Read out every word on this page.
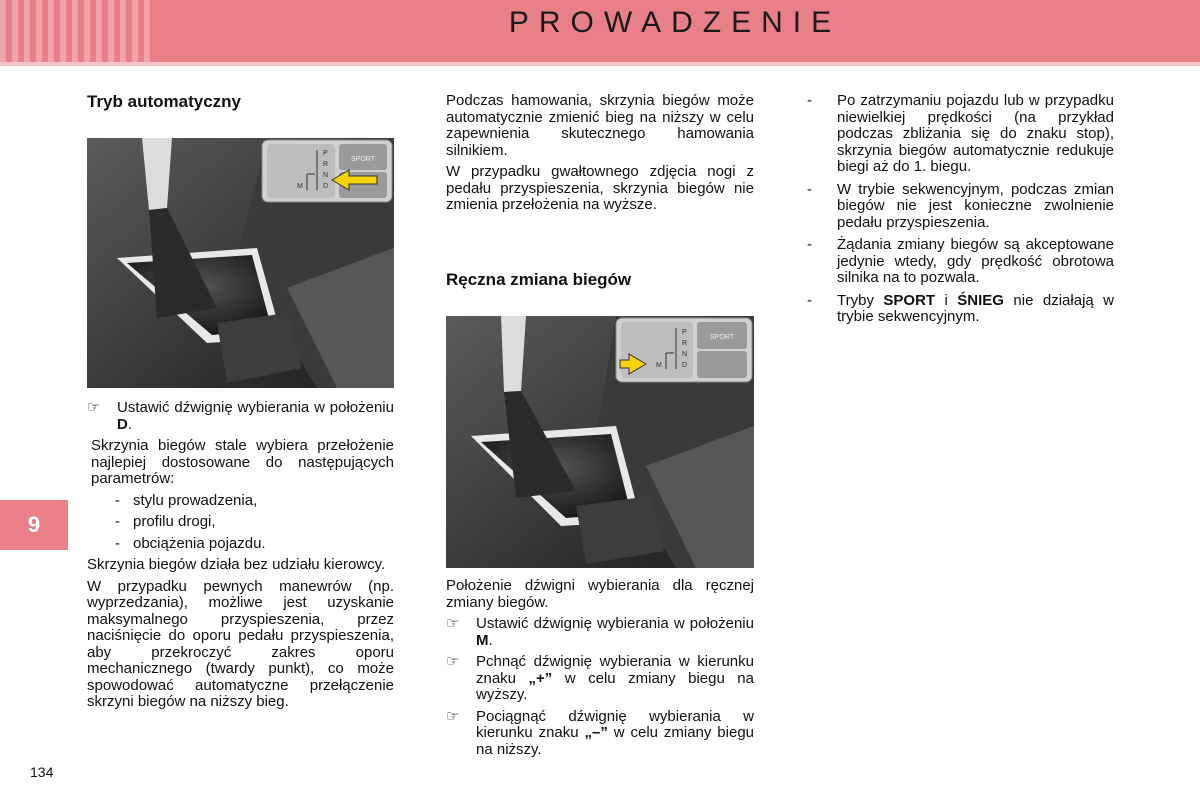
PROWADZENIE
9
134
Tryb automatyczny
SPORT
P
R
N
D
M
☞ Ustawić dźwignię wybierania w położeniu D.

Skrzynia biegów stale wybiera przełożenie najlepiej dostosowane do następujących parametrów:

- stylu prowadzenia,
- profilu drogi,
- obciążenia pojazdu.

Skrzynia biegów działa bez udziału kierowcy.

W przypadku pewnych manewrów (np. wyprzedzania), możliwe jest uzyskanie maksymalnego przyspieszenia, przez naciśnięcie do oporu pedału przyspieszenia, aby przekroczyć zakres oporu mechanicznego (twardy punkt), co może spowodować automatyczne przełączenie skrzyni biegów na niższy bieg.

Podczas hamowania, skrzynia biegów może automatycznie zmienić bieg na niższy w celu zapewnienia skutecznego hamowania silnikiem.

W przypadku gwałtownego zdjęcia nogi z pedału przyspieszenia, skrzynia biegów nie zmienia przełożenia na wyższe.

Ręczna zmiana biegów
SPORT
P
R
N
D
M

Położenie dźwigni wybierania dla ręcznej zmiany biegów.

☞ Ustawić dźwignię wybierania w położeniu M.
☞ Pchnąć dźwignię wybierania w kierunku znaku „+” w celu zmiany biegu na wyższy.
☞ Pociągnąć dźwignię wybierania w kierunku znaku „–” w celu zmiany biegu na niższy.
- Po zatrzymaniu pojazdu lub w przypadku niewielkiej prędkości (na przykład podczas zbliżania się do znaku stop), skrzynia biegów automatycznie redukuje biegi aż do 1. biegu.
- W trybie sekwencyjnym, podczas zmian biegów nie jest konieczne zwolnienie pedału przyspieszenia.
- Żądania zmiany biegów są akceptowane jedynie wtedy, gdy prędkość obrotowa silnika na to pozwala.
- Tryby SPORT i ŚNIEG nie działają w trybie sekwencyjnym.
